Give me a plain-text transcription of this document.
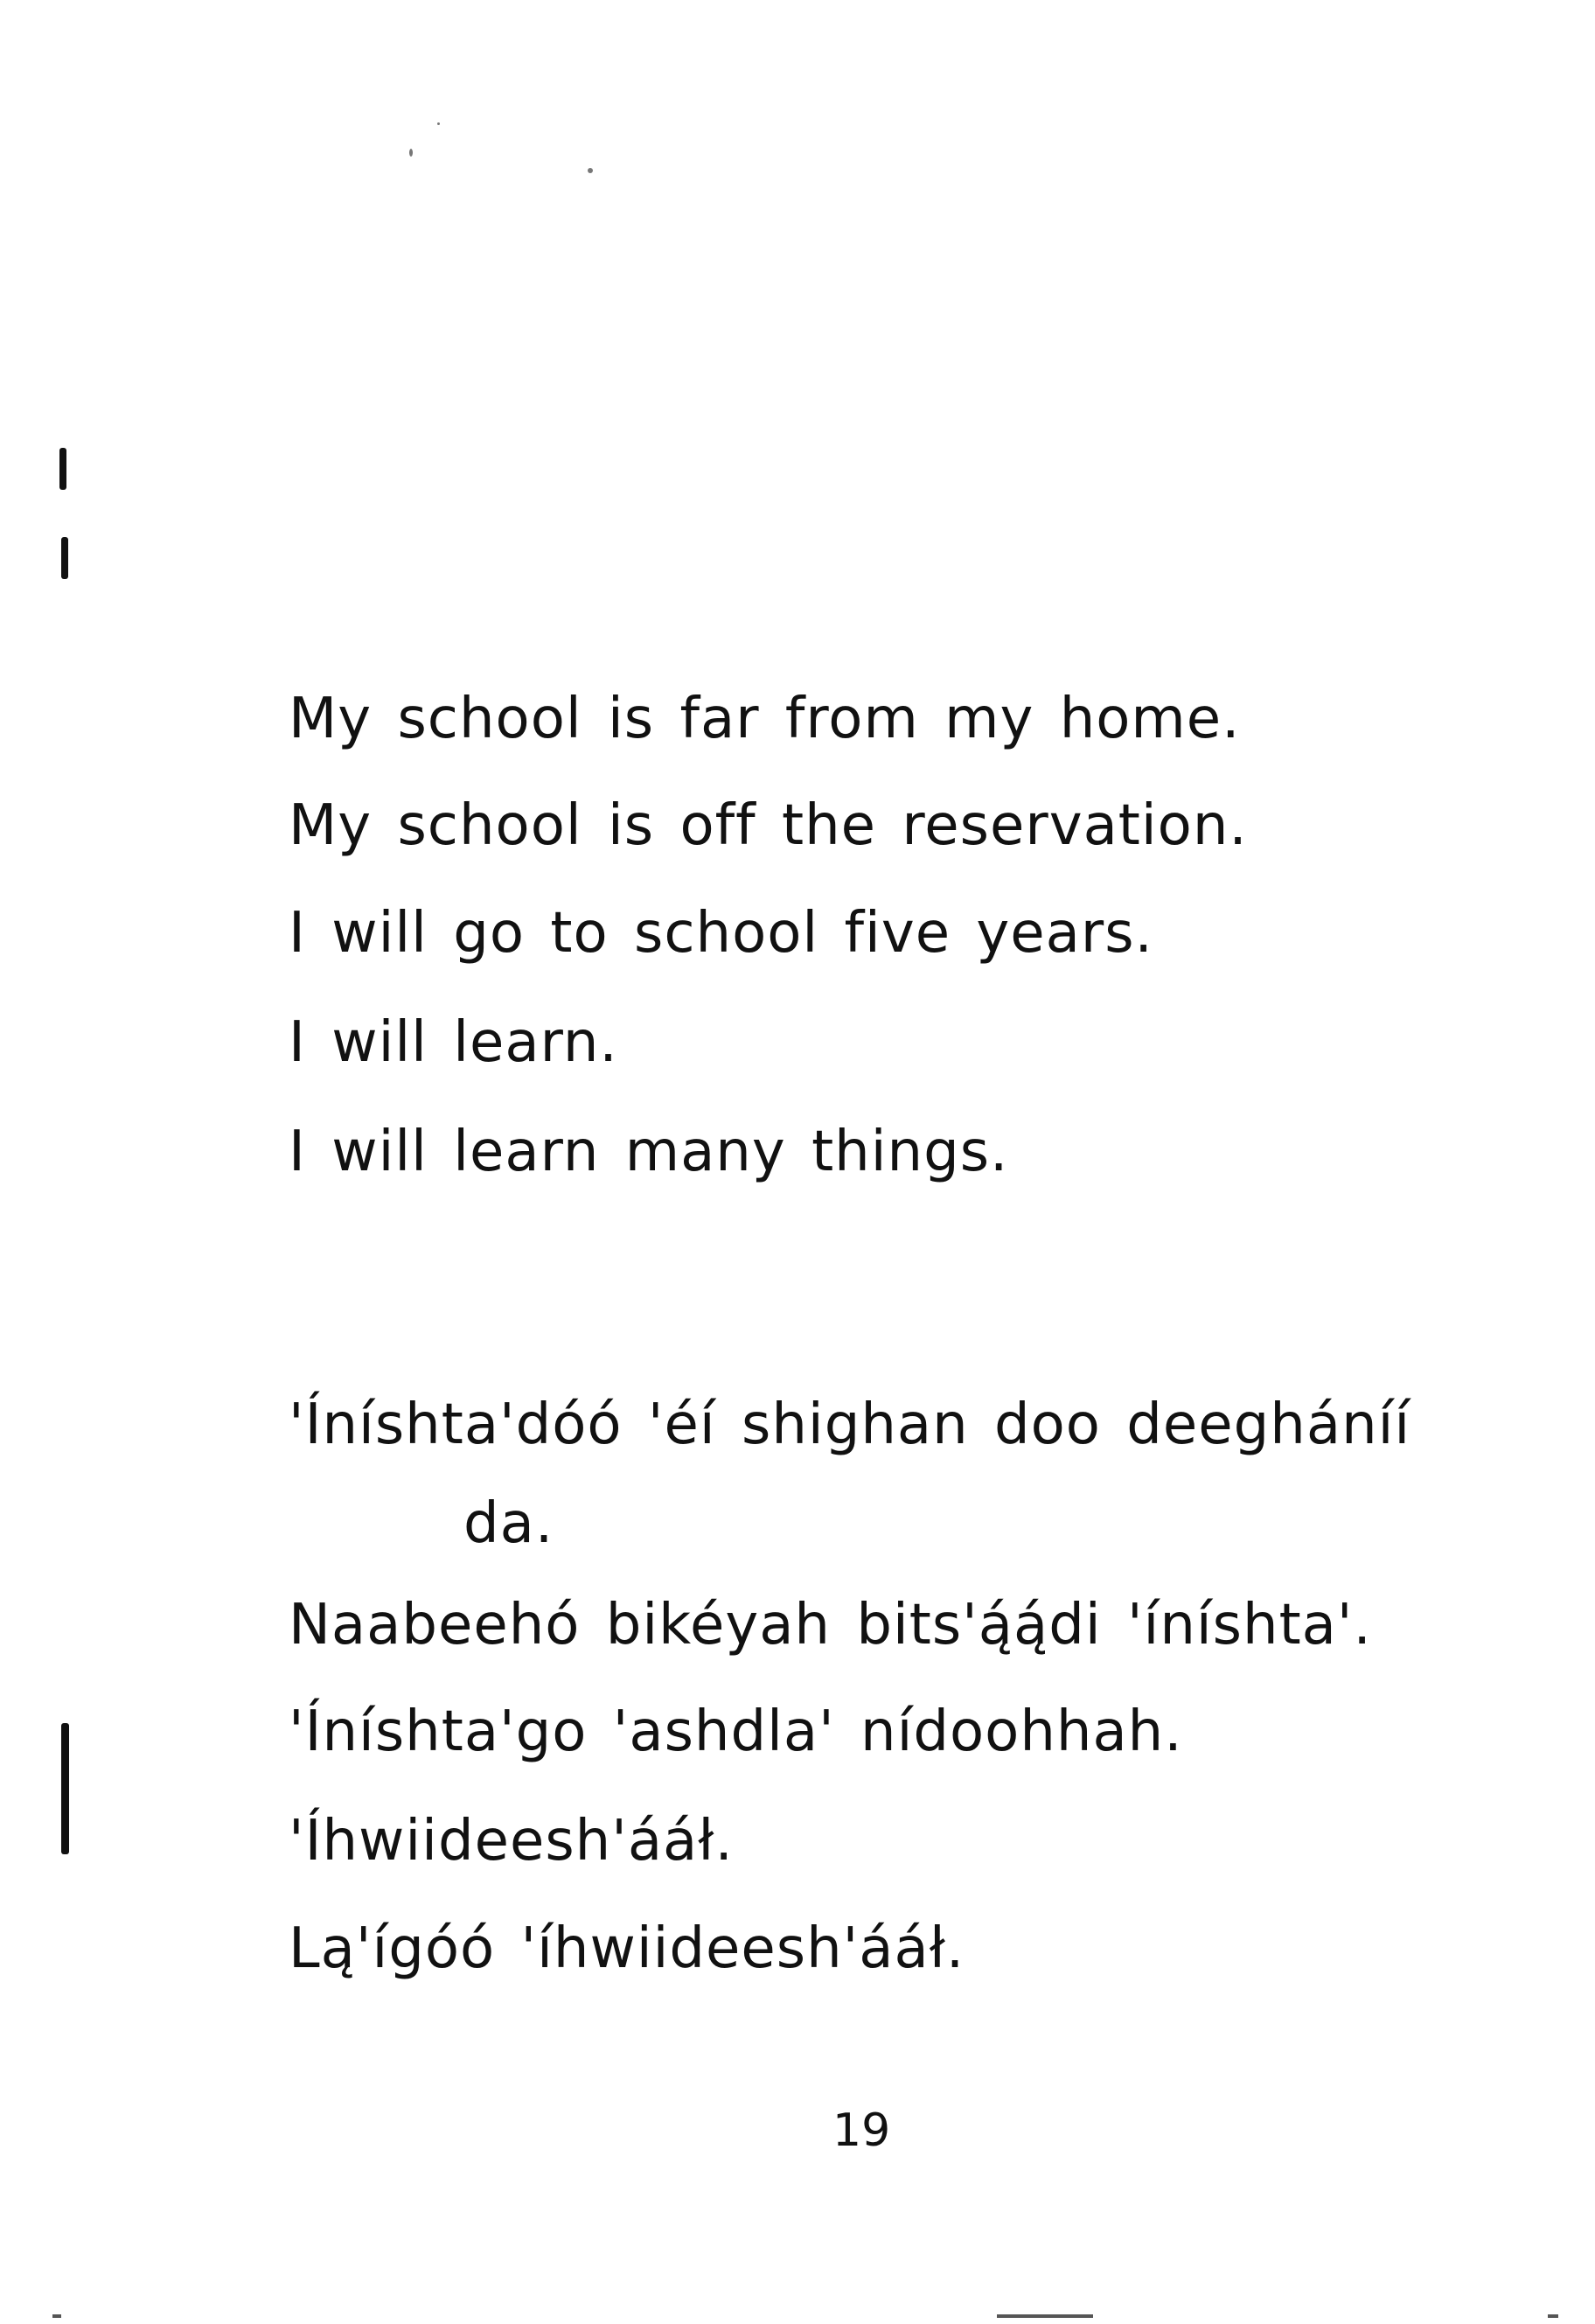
My school is far from my home.
My school is off the reservation.
I will go to school five years.
I will learn.
I will learn many things.
'Íníshta'dóó 'éí shighan doo deegháníí
da.
Naabeehó bikéyah bits'ą́ą́di 'íníshta'.
'Íníshta'go 'ashdla' nídoohhah.
'Íhwiideesh'ááł.
Lą'ígóó 'íhwiideesh'ááł.
19
